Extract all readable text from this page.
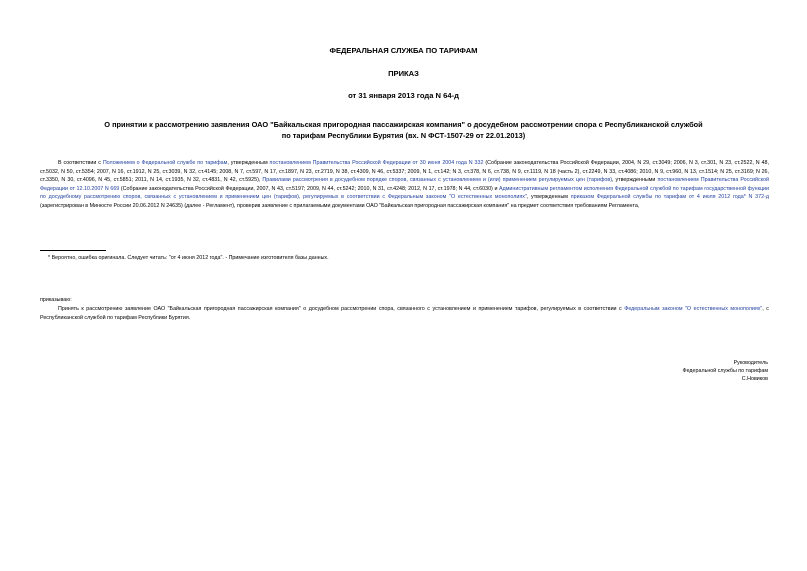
ФЕДЕРАЛЬНАЯ СЛУЖБА ПО ТАРИФАМ
ПРИКАЗ
от 31 января 2013 года N 64-д
О принятии к рассмотрению заявления ОАО "Байкальская пригородная пассажирская компания" о досудебном рассмотрении спора с Республиканской службой
по тарифам Республики Бурятия (вх. N ФСТ-1507-29 от 22.01.2013)
В соответствии с Положением о Федеральной службе по тарифам, утвержденным постановлением Правительства Российской Федерации от 30 июня 2004 года N 332 (Собрание законодательства Российской Федерации, 2004, N 29, ст.3049; 2006, N 3, ст.301, N 23, ст.2522, N 48, ст.5032, N 50, ст.5354; 2007, N 16, ст.1912, N 25, ст.3039, N 32, ст.4145; 2008, N 7, ст.597, N 17, ст.1897, N 23, ст.2719, N 38, ст.4309, N 46, ст.5337; 2009, N 1, ст.142; N 3, ст.378, N 6, ст.738, N 9, ст.1119, N 18 (часть 2), ст.2249, N 33, ст.4086; 2010, N 9, ст.960, N 13, ст.1514; N 25, ст.3169; N 26, ст.3350, N 30, ст.4096, N 45, ст.5851; 2011, N 14, ст.1935, N 32, ст.4831, N 42, ст.5925), Правилами рассмотрения в досудебном порядке споров, связанных с установлением и (или) применением регулируемых цен (тарифов), утвержденными постановлением Правительства Российской Федерации от 12.10.2007 N 669 (Собрание законодательства Российской Федерации, 2007, N 43, ст.5197; 2009, N 44, ст.5242; 2010, N 31, ст.4248; 2012, N 17, ст.1978; N 44, ст.6030) и Административным регламентом исполнения Федеральной службой по тарифам государственной функции по досудебному рассмотрению споров, связанных с установлением и применением цен (тарифов), регулируемых в соответствии с Федеральным законом "О естественных монополиях", утвержденным приказом Федеральной службы по тарифам от 4 июля 2012 года* N 372-д (зарегистрирован в Минюсте России 20.06.2012 N 24635) (далее - Регламент), проверив заявление с прилагаемыми документами ОАО "Байкальская пригородная пассажирская компания" на предмет соответствия требованиям Регламента,
* Вероятно, ошибка оригинала. Следует читать: "от 4 июня 2012 года". - Примечание изготовителя базы данных.
приказываю:
Принять к рассмотрению заявление ОАО "Байкальская пригородная пассажирская компания" о досудебном рассмотрении спора, связанного с установлением и применением тарифов, регулируемых в соответствии с Федеральным законом "О естественных монополиях", с Республиканской службой по тарифам Республики Бурятия.
Руководитель
Федеральной службы по тарифам
С.Новиков
